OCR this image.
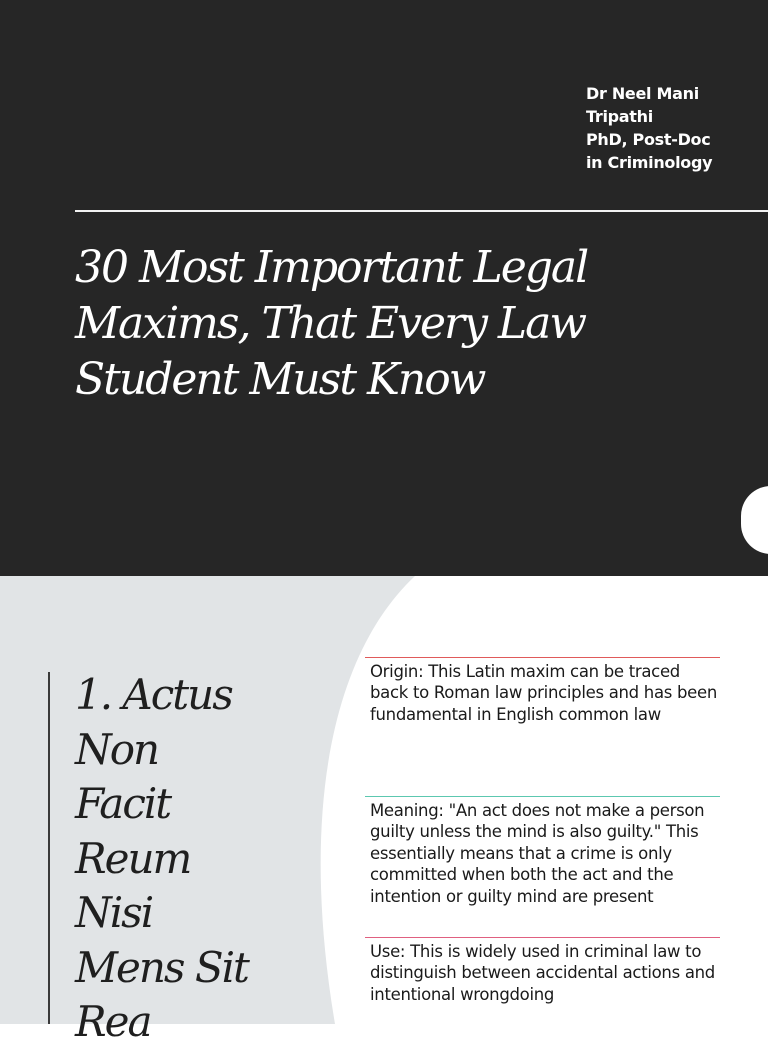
Dr Neel Mani
Tripathi
PhD, Post-Doc
in Criminology
30 Most Important Legal
Maxims, That Every Law
Student Must Know
1. Actus
Non
Facit
Reum
Nisi
Mens Sit
Rea

Origin: This Latin maxim can be traced back to Roman law principles and has been fundamental in English common law

Meaning: "An act does not make a person guilty unless the mind is also guilty." This essentially means that a crime is only committed when both the act and the intention or guilty mind are present

Use: This is widely used in criminal law to distinguish between accidental actions and intentional wrongdoing
